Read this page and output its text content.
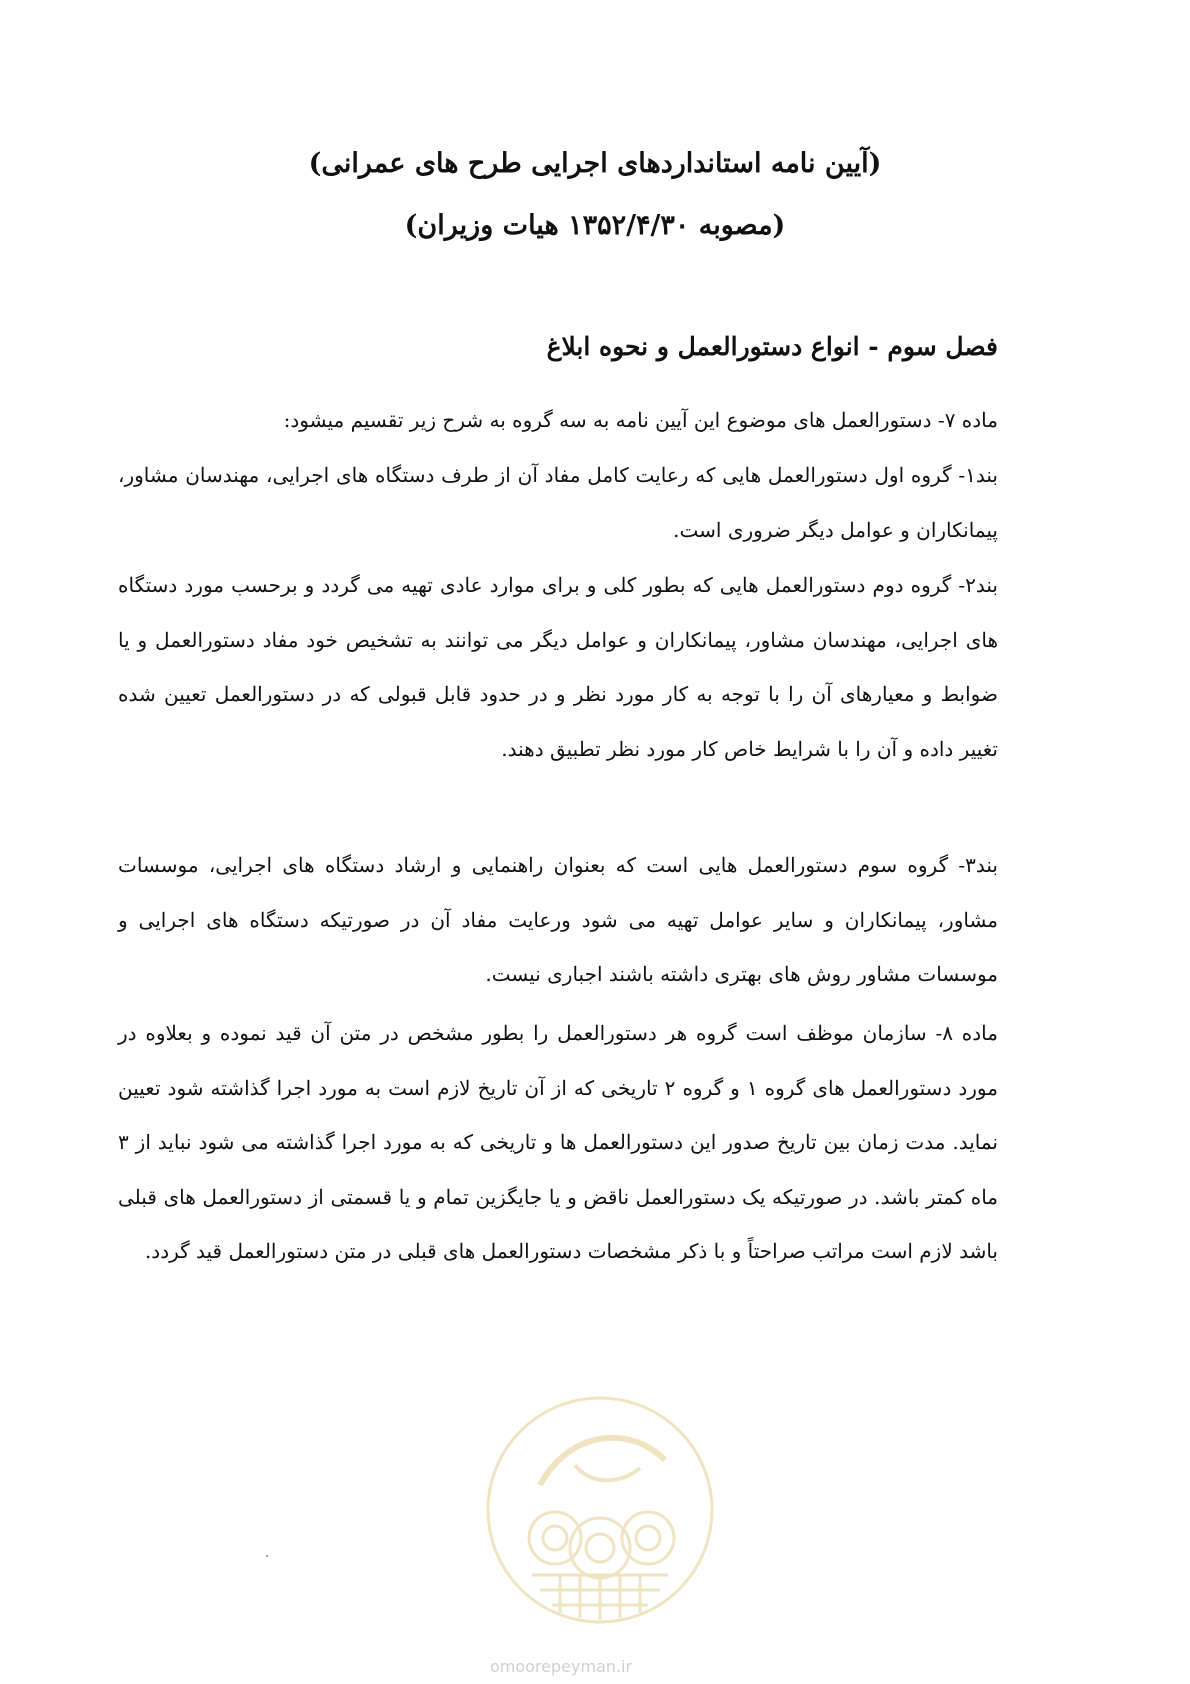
(آیین نامه استانداردهای اجرایی طرح های عمرانی)
(مصوبه ۱۳۵۲/۴/۳۰ هیات وزیران)
فصل سوم - انواع دستورالعمل و نحوه ابلاغ
ماده ۷- دستورالعمل های موضوع این آیین نامه به سه گروه به شرح زیر تقسیم میشود:
بند۱- گروه اول دستورالعمل هایی که رعایت کامل مفاد آن از طرف دستگاه های اجرایی، مهندسان مشاور، پیمانکاران و عوامل دیگر ضروری است.
بند۲- گروه دوم دستورالعمل هایی که بطور کلی و برای موارد عادی تهیه می گردد و برحسب مورد دستگاه های اجرایی، مهندسان مشاور، پیمانکاران و عوامل دیگر می توانند به تشخیص خود مفاد دستورالعمل و یا ضوابط و معیارهای آن را با توجه به کار مورد نظر و در حدود قابل قبولی که در دستورالعمل تعیین شده تغییر داده و آن را با شرایط خاص کار مورد نظر تطبیق دهند.
بند۳- گروه سوم دستورالعمل هایی است که بعنوان راهنمایی و ارشاد دستگاه های اجرایی، موسسات مشاور، پیمانکاران و سایر عوامل تهیه می شود ورعایت مفاد آن در صورتیکه دستگاه های اجرایی و موسسات مشاور روش های بهتری داشته باشند اجباری نیست.
ماده ۸- سازمان موظف است گروه هر دستورالعمل را بطور مشخص در متن آن قید نموده و بعلاوه در مورد دستورالعمل های گروه ۱ و گروه ۲ تاریخی که از آن تاریخ لازم است به مورد اجرا گذاشته شود تعیین نماید. مدت زمان بین تاریخ صدور این دستورالعمل ها و تاریخی که به مورد اجرا گذاشته می شود نباید از ۳ ماه کمتر باشد. در صورتیکه یک دستورالعمل ناقض و یا جایگزین تمام و یا قسمتی از دستورالعمل های قبلی باشد لازم است مراتب صراحتاً و با ذکر مشخصات دستورالعمل های قبلی در متن دستورالعمل قید گردد.
omoorepeyman.ir
